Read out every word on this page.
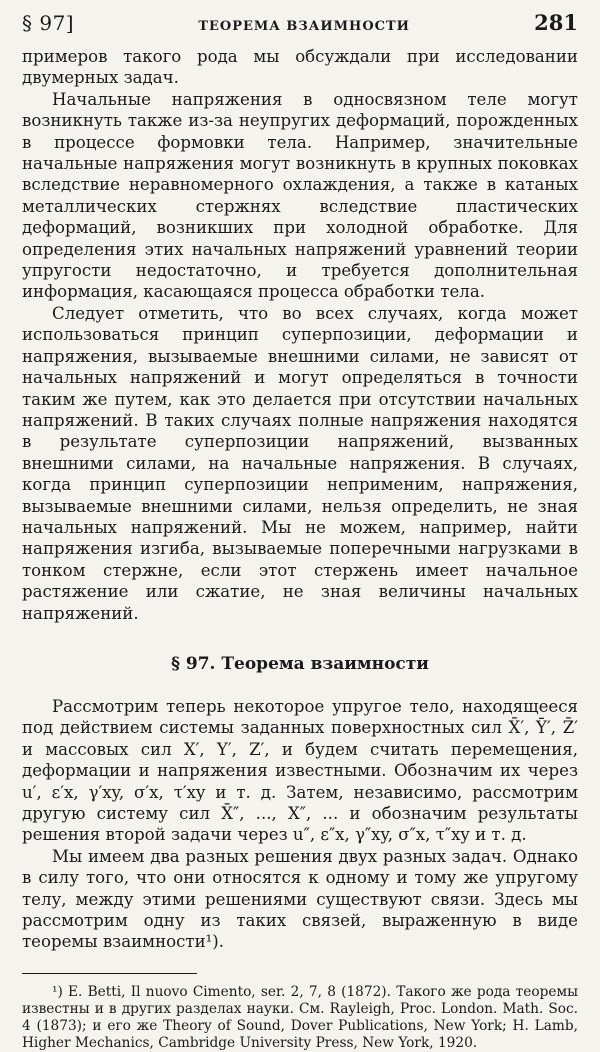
§ 97]	ТЕОРЕМА ВЗАИМНОСТИ	281

примеров такого рода мы обсуждали при исследовании двумерных задач.

Начальные напряжения в односвязном теле могут возникнуть также из-за неупругих деформаций, порожденных в процессе формовки тела. Например, значительные начальные напряжения могут возникнуть в крупных поковках вследствие неравномерного охлаждения, а также в катаных металлических стержнях вследствие пластических деформаций, возникших при холодной обработке. Для определения этих начальных напряжений уравнений теории упругости недостаточно, и требуется дополнительная информация, касающаяся процесса обработки тела.

Следует отметить, что во всех случаях, когда может использоваться принцип суперпозиции, деформации и напряжения, вызываемые внешними силами, не зависят от начальных напряжений и могут определяться в точности таким же путем, как это делается при отсутствии начальных напряжений. В таких случаях полные напряжения находятся в результате суперпозиции напряжений, вызванных внешними силами, на начальные напряжения. В случаях, когда принцип суперпозиции неприменим, напряжения, вызываемые внешними силами, нельзя определить, не зная начальных напряжений. Мы не можем, например, найти напряжения изгиба, вызываемые поперечными нагрузками в тонком стержне, если этот стержень имеет начальное растяжение или сжатие, не зная величины начальных напряжений.

§ 97. Теорема взаимности

Рассмотрим теперь некоторое упругое тело, находящееся под действием системы заданных поверхностных сил X̄′, Ȳ′, Z̄′ и массовых сил X′, Y′, Z′, и будем считать перемещения, деформации и напряжения известными. Обозначим их через u′, ε′x, γ′xy, σ′x, τ′xy и т. д. Затем, независимо, рассмотрим другую систему сил X̄″, ..., X″, ... и обозначим результаты решения второй задачи через u″, ε″x, γ″xy, σ″x, τ″xy и т. д.

Мы имеем два разных решения двух разных задач. Однако в силу того, что они относятся к одному и тому же упругому телу, между этими решениями существуют связи. Здесь мы рассмотрим одну из таких связей, выраженную в виде теоремы взаимности¹).

¹) E. Betti, Il nuovo Cimento, ser. 2, 7, 8 (1872). Такого же рода теоремы известны и в других разделах науки. См. Rayleigh, Proc. London. Math. Soc. 4 (1873); и его же Theory of Sound, Dover Publications, New York; H. Lamb, Higher Mechanics, Cambridge University Press, New York, 1920.
